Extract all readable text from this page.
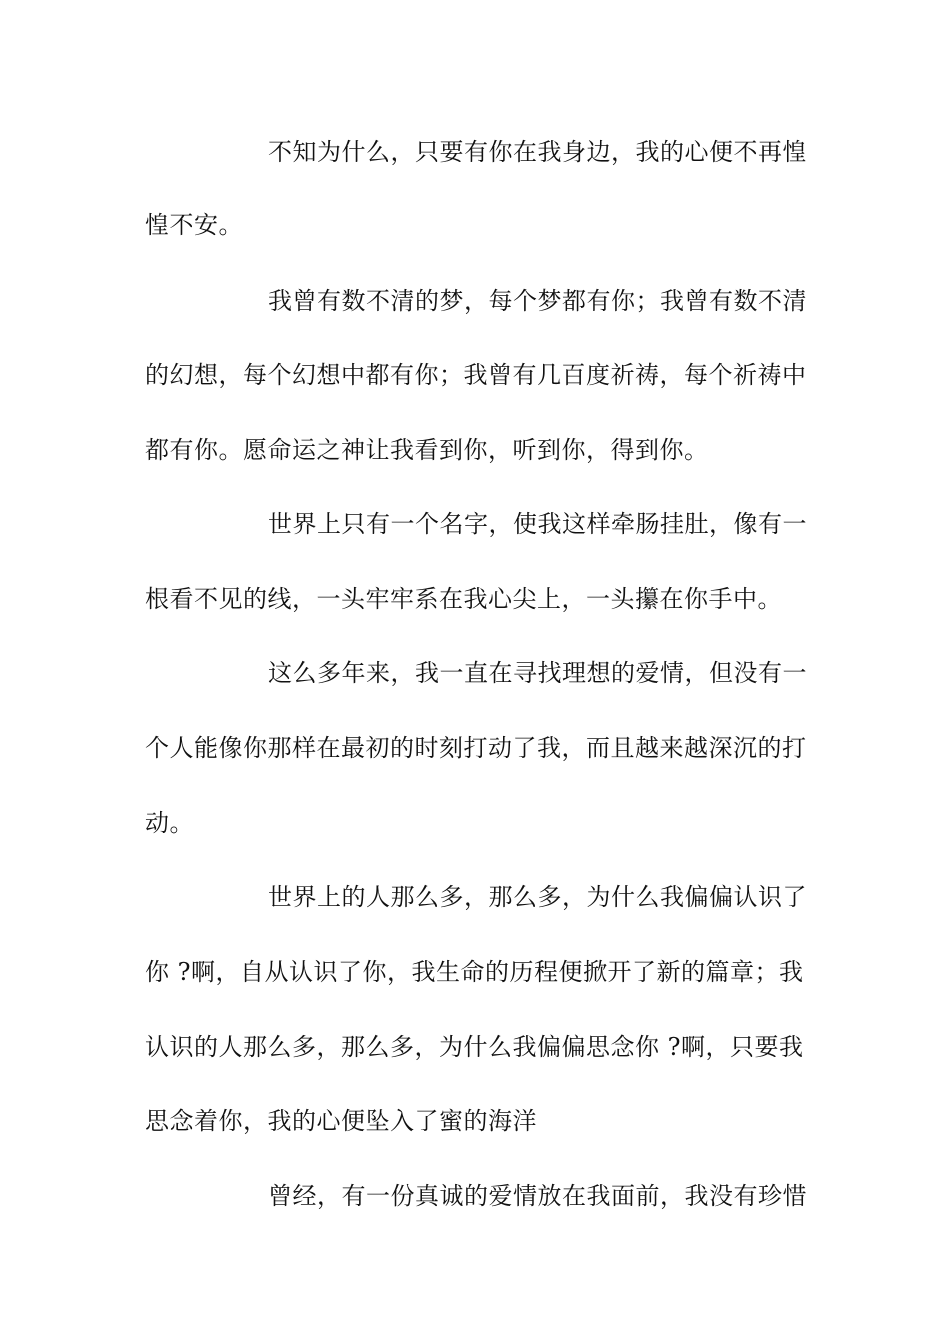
不知为什么，只要有你在我身边，我的心便不再惶
惶不安。
我曾有数不清的梦，每个梦都有你；我曾有数不清
的幻想，每个幻想中都有你；我曾有几百度祈祷，每个祈祷中
都有你。愿命运之神让我看到你，听到你，得到你。
世界上只有一个名字，使我这样牵肠挂肚，像有一
根看不见的线，一头牢牢系在我心尖上，一头攥在你手中。
这么多年来，我一直在寻找理想的爱情，但没有一
个人能像你那样在最初的时刻打动了我，而且越来越深沉的打
动。
世界上的人那么多，那么多，为什么我偏偏认识了
你 ?啊，自从认识了你，我生命的历程便掀开了新的篇章；我
认识的人那么多，那么多，为什么我偏偏思念你 ?啊，只要我
思念着你，我的心便坠入了蜜的海洋
曾经，有一份真诚的爱情放在我面前，我没有珍惜
